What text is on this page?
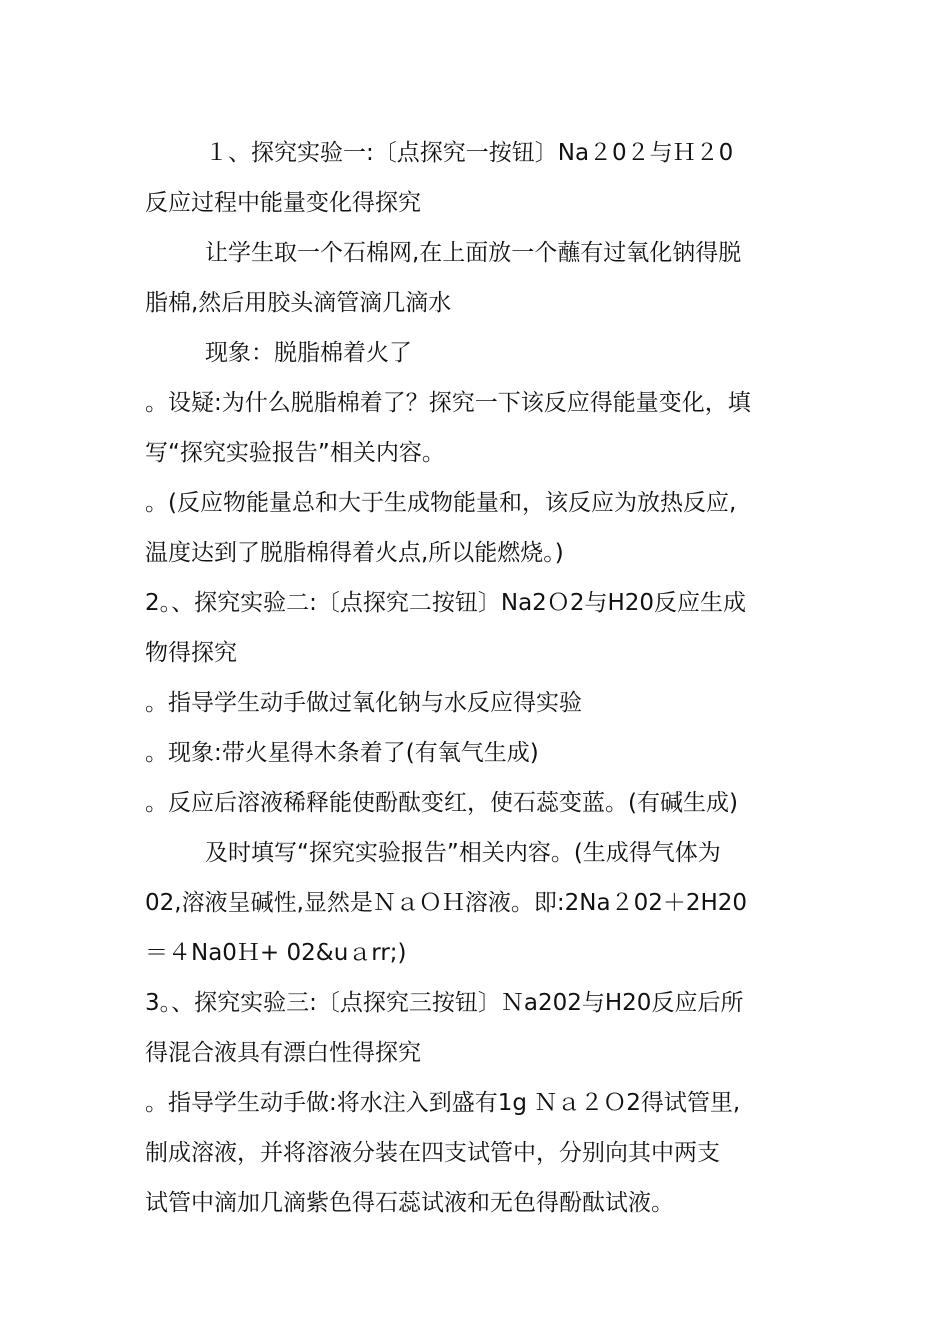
１、探究实验一:〔点探究一按钮〕Na２0２与Ｈ２0
反应过程中能量变化得探究
让学生取一个石棉网,在上面放一个蘸有过氧化钠得脱
脂棉,然后用胶头滴管滴几滴水
现象：脱脂棉着火了
。设疑:为什么脱脂棉着了？探究一下该反应得能量变化，填
写“探究实验报告”相关内容。
。(反应物能量总和大于生成物能量和，该反应为放热反应,
温度达到了脱脂棉得着火点,所以能燃烧。)
2。、探究实验二:〔点探究二按钮〕Na2Ｏ2与H20反应生成
物得探究
。指导学生动手做过氧化钠与水反应得实验
。现象:带火星得木条着了(有氧气生成)
。反应后溶液稀释能使酚酞变红，使石蕊变蓝。(有碱生成)
及时填写“探究实验报告”相关内容。(生成得气体为
02,溶液呈碱性,显然是ＮａＯＨ溶液。即:2Na２02＋2H20
＝４Na0Ｈ+ 02&uａrr;)
3。、探究实验三:〔点探究三按钮〕Ｎa202与H20反应后所
得混合液具有漂白性得探究
。指导学生动手做:将水注入到盛有1g Ｎａ２Ｏ2得试管里,
制成溶液，并将溶液分装在四支试管中，分别向其中两支
试管中滴加几滴紫色得石蕊试液和无色得酚酞试液。
